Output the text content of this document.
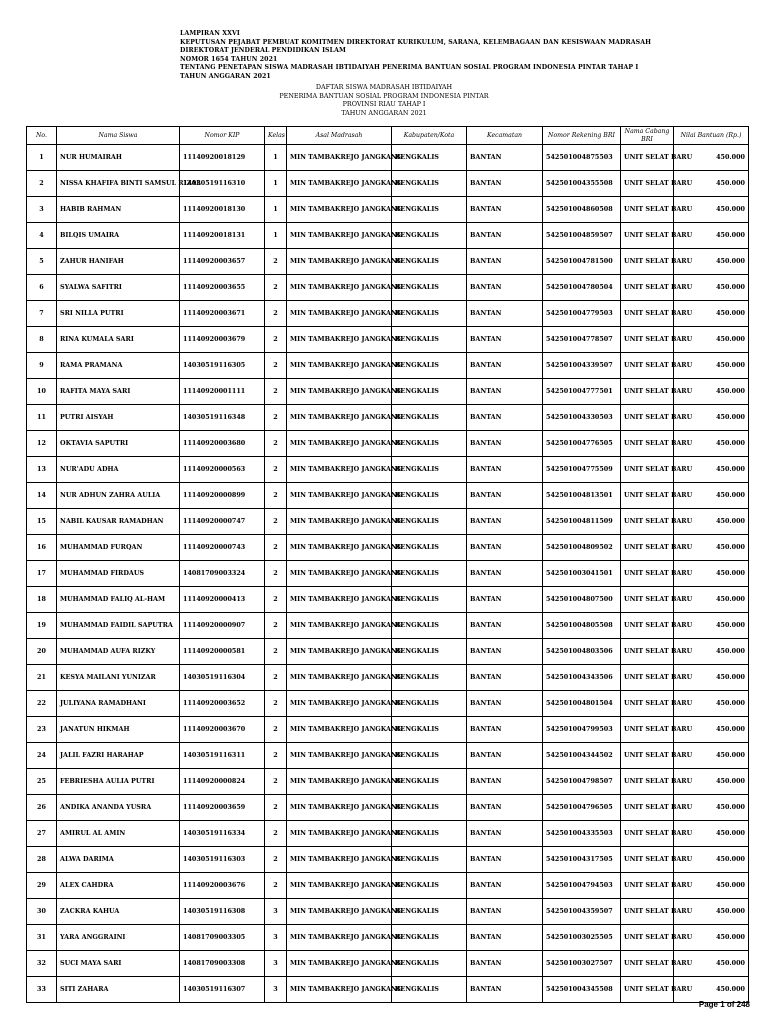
LAMPIRAN XXVI
KEPUTUSAN PEJABAT PEMBUAT KOMITMEN DIREKTORAT KURIKULUM, SARANA, KELEMBAGAAN DAN KESISWAAN MADRASAH
DIREKTORAT JENDERAL PENDIDIKAN ISLAM
NOMOR 1654 TAHUN 2021
TENTANG PENETAPAN SISWA MADRASAH IBTIDAIYAH PENERIMA BANTUAN SOSIAL PROGRAM INDONESIA PINTAR TAHAP I
TAHUN ANGGARAN 2021
DAFTAR SISWA MADRASAH IBTIDAIYAH
PENERIMA BANTUAN SOSIAL PROGRAM INDONESIA PINTAR
PROVINSI RIAU TAHAP I
TAHUN ANGGARAN 2021
No.	Nama Siswa	Nomor KIP	Kelas	Asal Madrasah	Kabupaten/Kota	Kecamatan	Nomor Rekening BRI	Nama Cabang BRI	Nilai Bantuan (Rp.)
1	NUR HUMAIRAH	11140920018129	1	MIN TAMBAKREJO JANGKANG	BENGKALIS	BANTAN	542501004875503	UNIT SELAT BARU	450.000
2	NISSA KHAFIFA BINTI SAMSUL RIZAL	14030519116310	1	MIN TAMBAKREJO JANGKANG	BENGKALIS	BANTAN	542501004355508	UNIT SELAT BARU	450.000
3	HABIB RAHMAN	11140920018130	1	MIN TAMBAKREJO JANGKANG	BENGKALIS	BANTAN	542501004860508	UNIT SELAT BARU	450.000
4	BILQIS UMAIRA	11140920018131	1	MIN TAMBAKREJO JANGKANG	BENGKALIS	BANTAN	542501004859507	UNIT SELAT BARU	450.000
5	ZAHUR HANIFAH	11140920003657	2	MIN TAMBAKREJO JANGKANG	BENGKALIS	BANTAN	542501004781500	UNIT SELAT BARU	450.000
6	SYALWA SAFITRI	11140920003655	2	MIN TAMBAKREJO JANGKANG	BENGKALIS	BANTAN	542501004780504	UNIT SELAT BARU	450.000
7	SRI NILLA PUTRI	11140920003671	2	MIN TAMBAKREJO JANGKANG	BENGKALIS	BANTAN	542501004779503	UNIT SELAT BARU	450.000
8	RINA KUMALA SARI	11140920003679	2	MIN TAMBAKREJO JANGKANG	BENGKALIS	BANTAN	542501004778507	UNIT SELAT BARU	450.000
9	RAMA PRAMANA	14030519116305	2	MIN TAMBAKREJO JANGKANG	BENGKALIS	BANTAN	542501004339507	UNIT SELAT BARU	450.000
10	RAFITA MAYA SARI	11140920001111	2	MIN TAMBAKREJO JANGKANG	BENGKALIS	BANTAN	542501004777501	UNIT SELAT BARU	450.000
11	PUTRI AISYAH	14030519116348	2	MIN TAMBAKREJO JANGKANG	BENGKALIS	BANTAN	542501004330503	UNIT SELAT BARU	450.000
12	OKTAVIA SAPUTRI	11140920003680	2	MIN TAMBAKREJO JANGKANG	BENGKALIS	BANTAN	542501004776505	UNIT SELAT BARU	450.000
13	NUR'ADU ADHA	11140920000563	2	MIN TAMBAKREJO JANGKANG	BENGKALIS	BANTAN	542501004775509	UNIT SELAT BARU	450.000
14	NUR ADHUN ZAHRA AULIA	11140920000899	2	MIN TAMBAKREJO JANGKANG	BENGKALIS	BANTAN	542501004813501	UNIT SELAT BARU	450.000
15	NABIL KAUSAR RAMADHAN	11140920000747	2	MIN TAMBAKREJO JANGKANG	BENGKALIS	BANTAN	542501004811509	UNIT SELAT BARU	450.000
16	MUHAMMAD FURQAN	11140920000743	2	MIN TAMBAKREJO JANGKANG	BENGKALIS	BANTAN	542501004809502	UNIT SELAT BARU	450.000
17	MUHAMMAD FIRDAUS	14081709003324	2	MIN TAMBAKREJO JANGKANG	BENGKALIS	BANTAN	542501003041501	UNIT SELAT BARU	450.000
18	MUHAMMAD FALIQ AL-HAM	11140920000413	2	MIN TAMBAKREJO JANGKANG	BENGKALIS	BANTAN	542501004807500	UNIT SELAT BARU	450.000
19	MUHAMMAD FAIDIL SAPUTRA	11140920000907	2	MIN TAMBAKREJO JANGKANG	BENGKALIS	BANTAN	542501004805508	UNIT SELAT BARU	450.000
20	MUHAMMAD AUFA RIZKY	11140920000581	2	MIN TAMBAKREJO JANGKANG	BENGKALIS	BANTAN	542501004803506	UNIT SELAT BARU	450.000
21	KESYA MAILANI YUNIZAR	14030519116304	2	MIN TAMBAKREJO JANGKANG	BENGKALIS	BANTAN	542501004343506	UNIT SELAT BARU	450.000
22	JULIYANA RAMADHANI	11140920003652	2	MIN TAMBAKREJO JANGKANG	BENGKALIS	BANTAN	542501004801504	UNIT SELAT BARU	450.000
23	JANATUN HIKMAH	11140920003670	2	MIN TAMBAKREJO JANGKANG	BENGKALIS	BANTAN	542501004799503	UNIT SELAT BARU	450.000
24	JALIL FAZRI HARAHAP	14030519116311	2	MIN TAMBAKREJO JANGKANG	BENGKALIS	BANTAN	542501004344502	UNIT SELAT BARU	450.000
25	FEBRIESHA AULIA PUTRI	11140920000824	2	MIN TAMBAKREJO JANGKANG	BENGKALIS	BANTAN	542501004798507	UNIT SELAT BARU	450.000
26	ANDIKA ANANDA YUSRA	11140920003659	2	MIN TAMBAKREJO JANGKANG	BENGKALIS	BANTAN	542501004796505	UNIT SELAT BARU	450.000
27	AMIRUL AL AMIN	14030519116334	2	MIN TAMBAKREJO JANGKANG	BENGKALIS	BANTAN	542501004335503	UNIT SELAT BARU	450.000
28	ALWA DARIMA	14030519116303	2	MIN TAMBAKREJO JANGKANG	BENGKALIS	BANTAN	542501004317505	UNIT SELAT BARU	450.000
29	ALEX CAHDRA	11140920003676	2	MIN TAMBAKREJO JANGKANG	BENGKALIS	BANTAN	542501004794503	UNIT SELAT BARU	450.000
30	ZACKRA KAHUA	14030519116308	3	MIN TAMBAKREJO JANGKANG	BENGKALIS	BANTAN	542501004359507	UNIT SELAT BARU	450.000
31	YARA ANGGRAINI	14081709003305	3	MIN TAMBAKREJO JANGKANG	BENGKALIS	BANTAN	542501003025505	UNIT SELAT BARU	450.000
32	SUCI MAYA SARI	14081709003308	3	MIN TAMBAKREJO JANGKANG	BENGKALIS	BANTAN	542501003027507	UNIT SELAT BARU	450.000
33	SITI ZAHARA	14030519116307	3	MIN TAMBAKREJO JANGKANG	BENGKALIS	BANTAN	542501004345508	UNIT SELAT BARU	450.000
Page 1 of 248
